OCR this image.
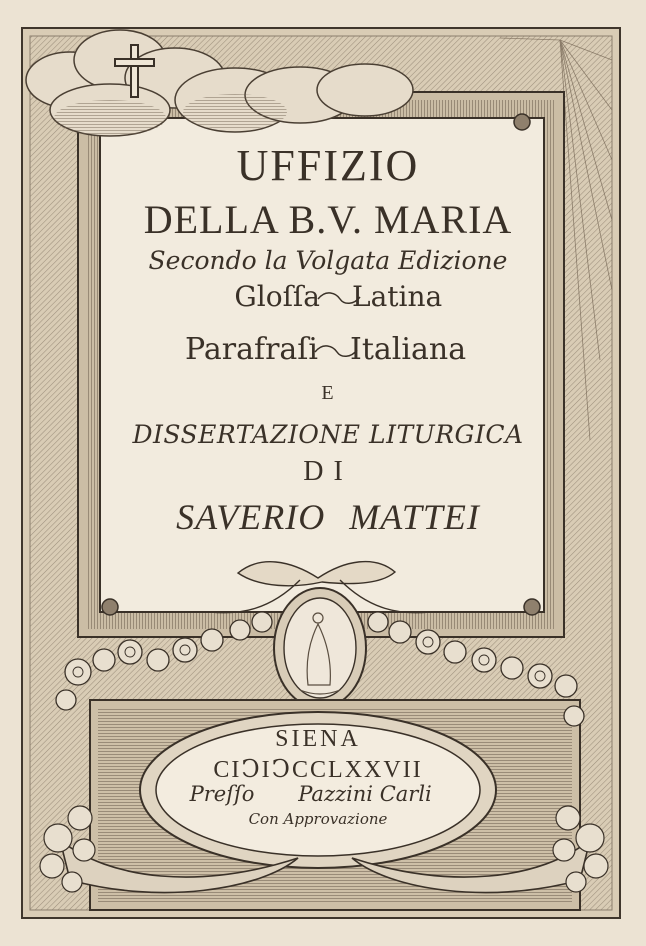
UFFIZIO
DELLA B.V. MARIA
Secondo la Volgata Edizione
Gloſſa Latina
Parafraſi Italiana
E
DISSERTAZIONE LITURGICA
DI
SAVERIO MATTEI
SIENA
CIↃIↃCCLXXVII
Preſſo	Pazzini Carli
Con Approvazione
